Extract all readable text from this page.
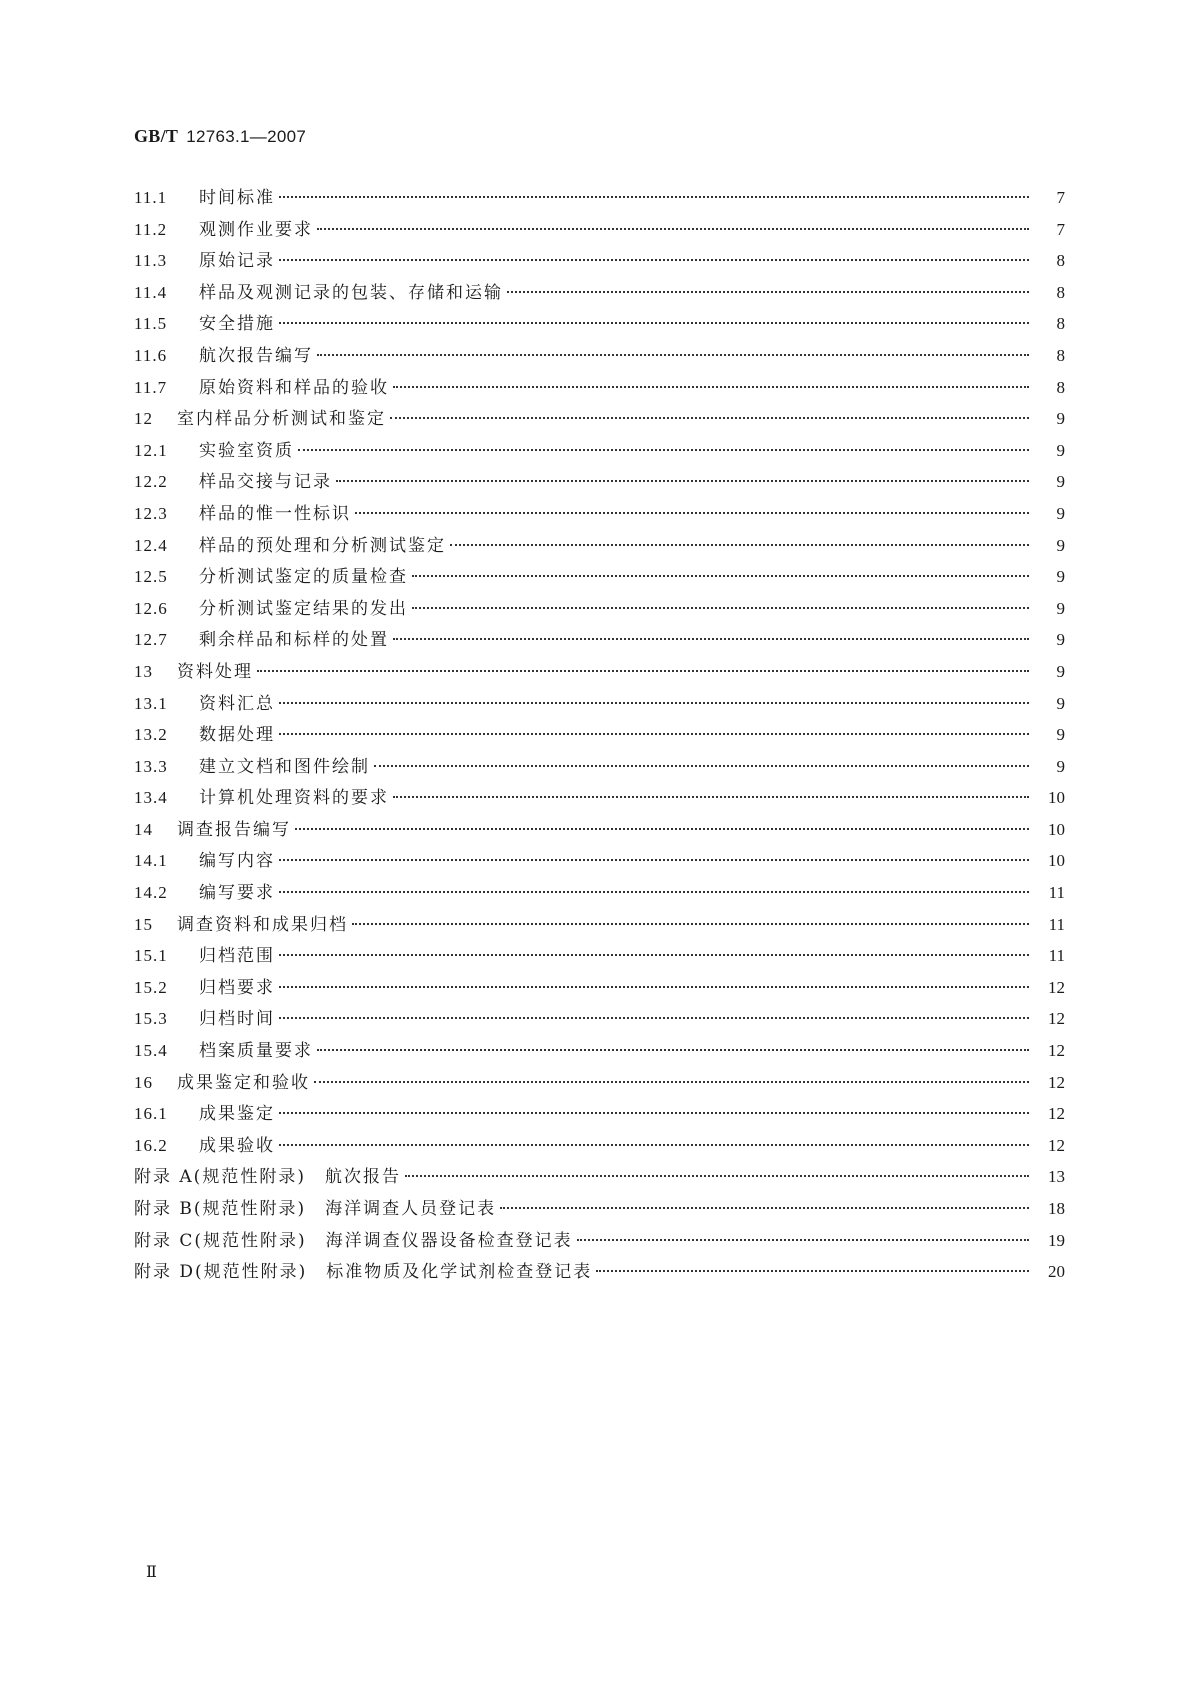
GB/T 12763.1—2007
11.1	时间标准	7
11.2	观测作业要求	7
11.3	原始记录	8
11.4	样品及观测记录的包装、存储和运输	8
11.5	安全措施	8
11.6	航次报告编写	8
11.7	原始资料和样品的验收	8
12	室内样品分析测试和鉴定	9
12.1	实验室资质	9
12.2	样品交接与记录	9
12.3	样品的惟一性标识	9
12.4	样品的预处理和分析测试鉴定	9
12.5	分析测试鉴定的质量检查	9
12.6	分析测试鉴定结果的发出	9
12.7	剩余样品和标样的处置	9
13	资料处理	9
13.1	资料汇总	9
13.2	数据处理	9
13.3	建立文档和图件绘制	9
13.4	计算机处理资料的要求	10
14	调查报告编写	10
14.1	编写内容	10
14.2	编写要求	11
15	调查资料和成果归档	11
15.1	归档范围	11
15.2	归档要求	12
15.3	归档时间	12
15.4	档案质量要求	12
16	成果鉴定和验收	12
16.1	成果鉴定	12
16.2	成果验收	12
附录 A(规范性附录)　航次报告	13
附录 B(规范性附录)　海洋调查人员登记表	18
附录 C(规范性附录)　海洋调查仪器设备检查登记表	19
附录 D(规范性附录)　标准物质及化学试剂检查登记表	20
Ⅱ
